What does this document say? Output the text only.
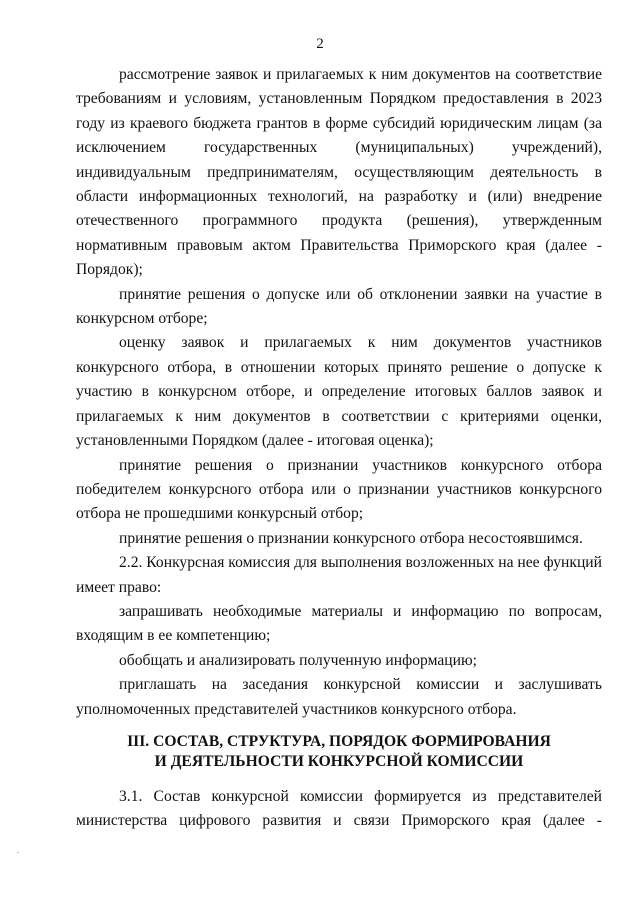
2

рассмотрение заявок и прилагаемых к ним документов на соответствие требованиям и условиям, установленным Порядком предоставления в 2023 году из краевого бюджета грантов в форме субсидий юридическим лицам (за исключением государственных (муниципальных) учреждений), индивидуальным предпринимателям, осуществляющим деятельность в области информационных технологий, на разработку и (или) внедрение отечественного программного продукта (решения), утвержденным нормативным правовым актом Правительства Приморского края (далее - Порядок);

принятие решения о допуске или об отклонении заявки на участие в конкурсном отборе;

оценку заявок и прилагаемых к ним документов участников конкурсного отбора, в отношении которых принято решение о допуске к участию в конкурсном отборе, и определение итоговых баллов заявок и прилагаемых к ним документов в соответствии с критериями оценки, установленными Порядком (далее - итоговая оценка);

принятие решения о признании участников конкурсного отбора победителем конкурсного отбора или о признании участников конкурсного отбора не прошедшими конкурсный отбор;

принятие решения о признании конкурсного отбора несостоявшимся.

2.2. Конкурсная комиссия для выполнения возложенных на нее функций имеет право:

запрашивать необходимые материалы и информацию по вопросам, входящим в ее компетенцию;

обобщать и анализировать полученную информацию;

приглашать на заседания конкурсной комиссии и заслушивать уполномоченных представителей участников конкурсного отбора.

III. СОСТАВ, СТРУКТУРА, ПОРЯДОК ФОРМИРОВАНИЯ
И ДЕЯТЕЛЬНОСТИ КОНКУРСНОЙ КОМИССИИ

3.1. Состав конкурсной комиссии формируется из представителей министерства цифрового развития и связи Приморского края (далее -

.
